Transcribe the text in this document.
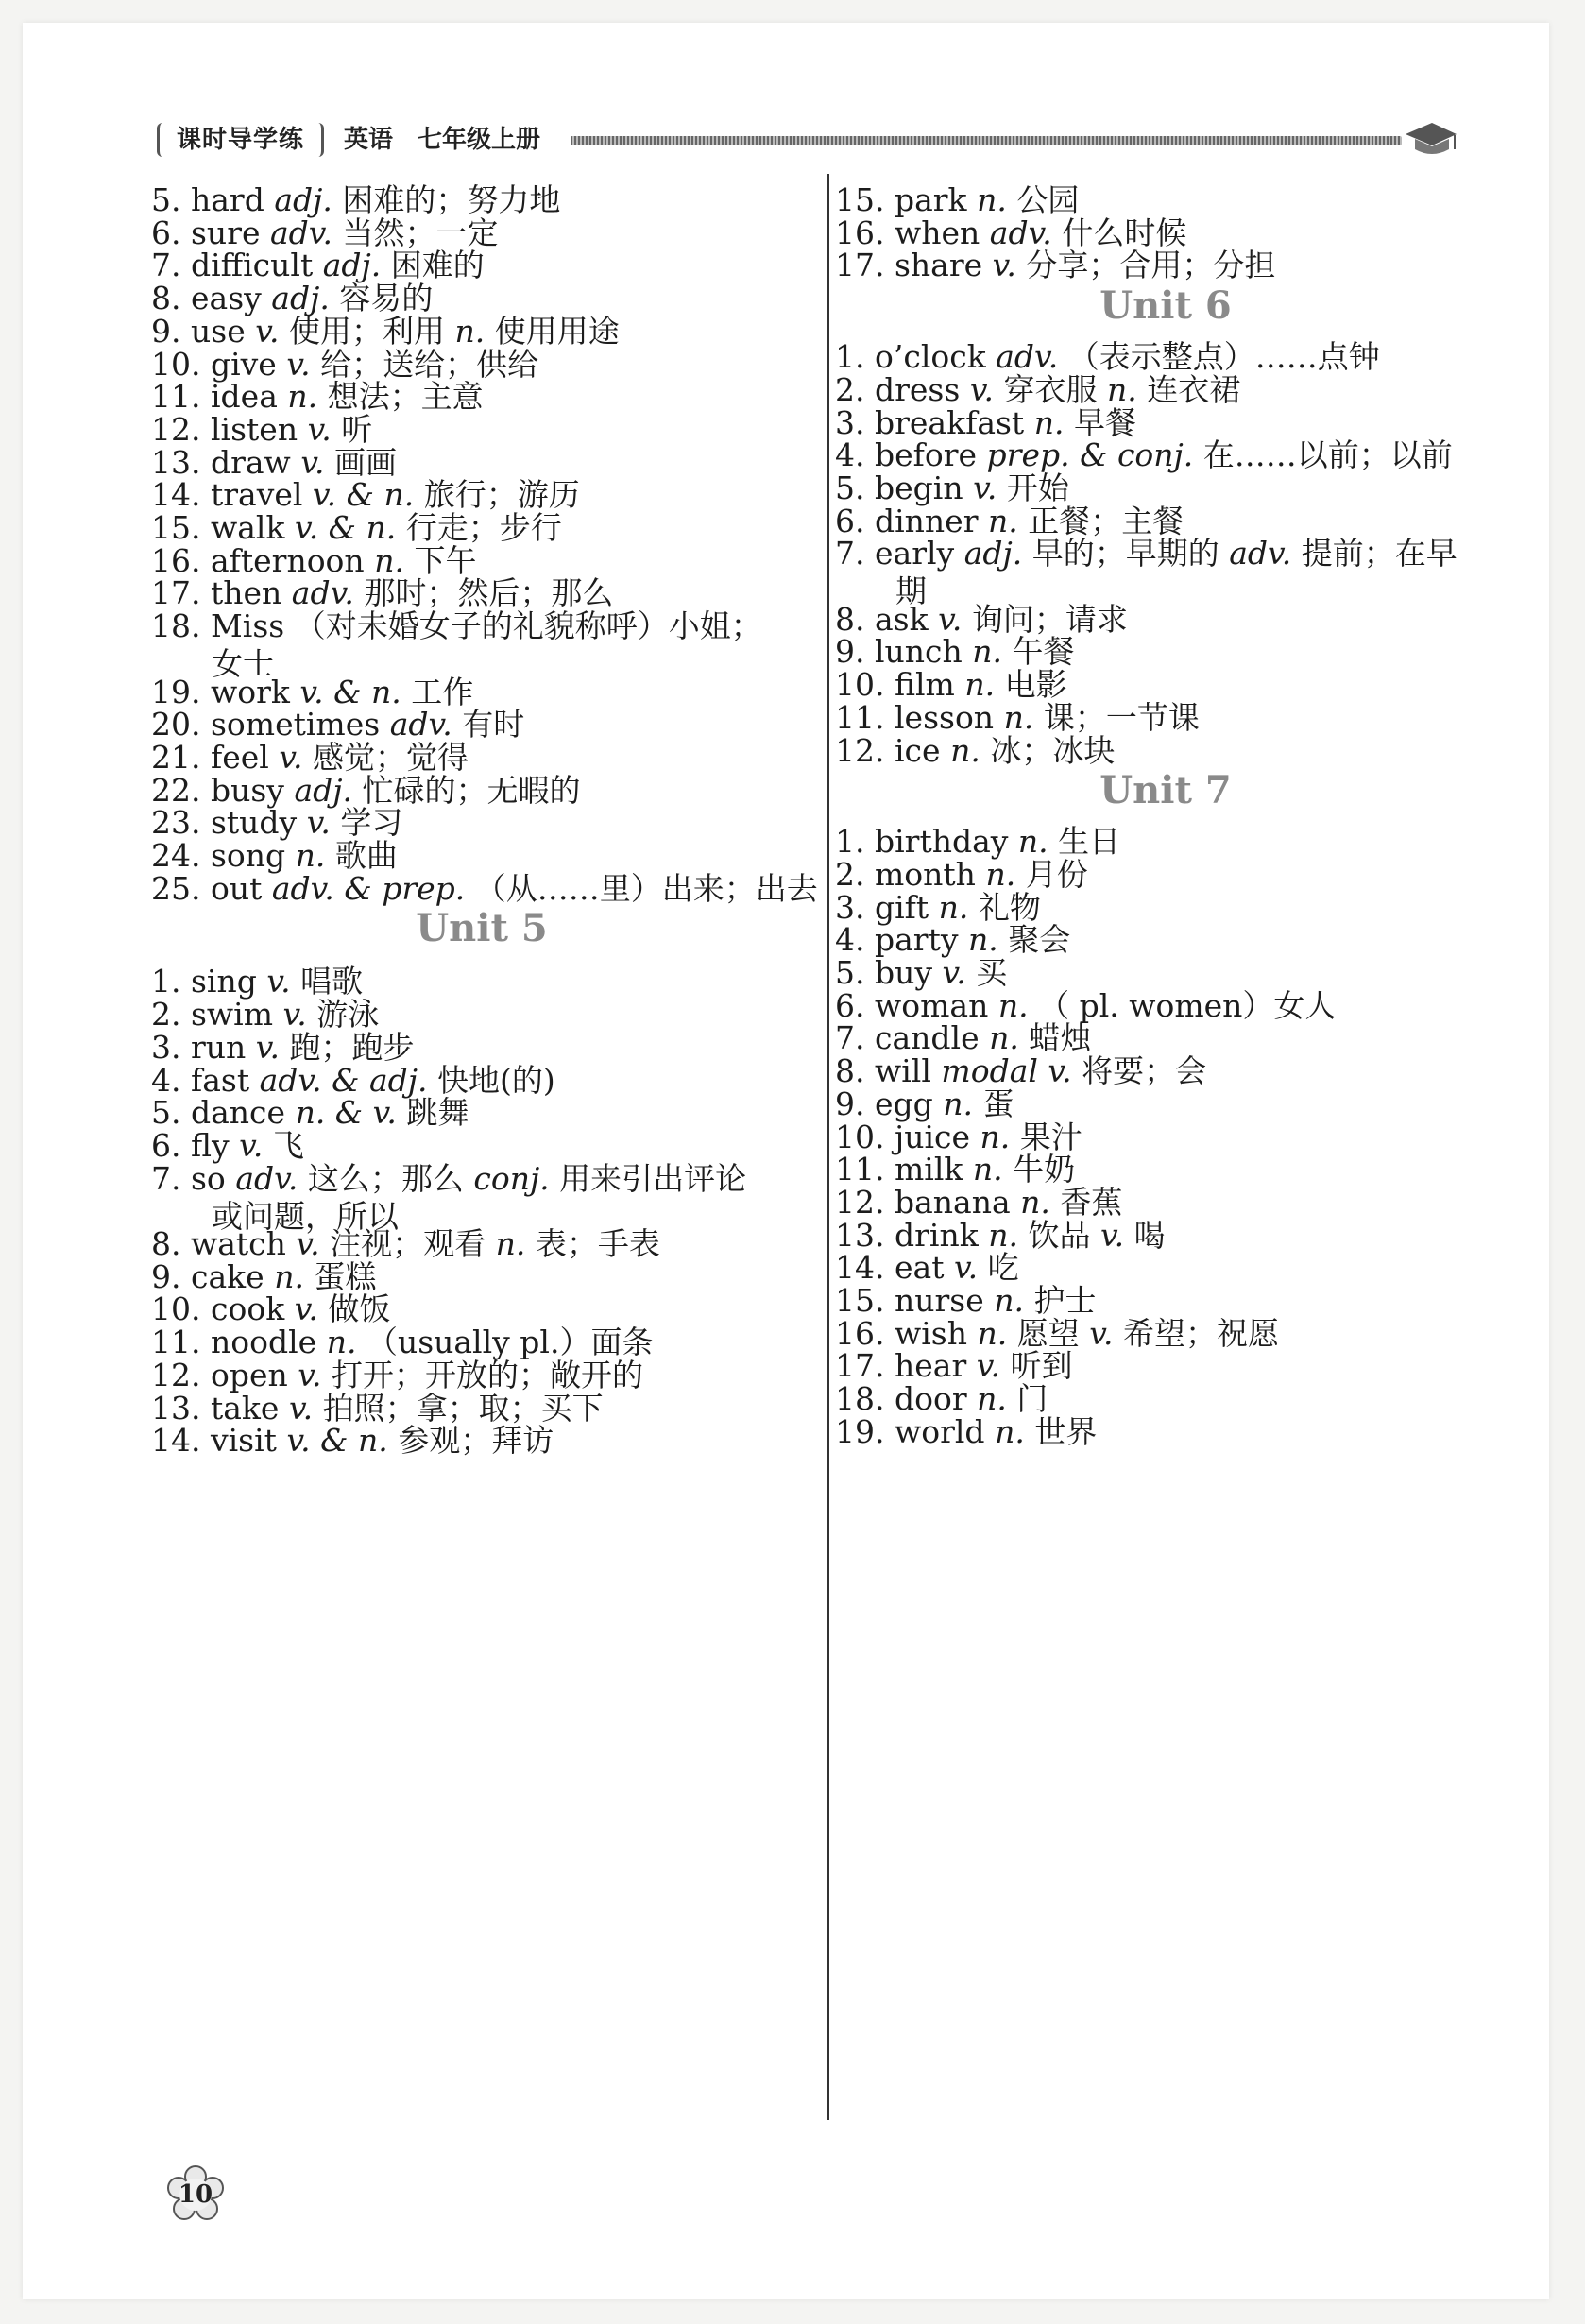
课时导学练	英语　七年级上册
5. hard adj. 困难的；努力地
6. sure adv. 当然；一定
7. difficult adj. 困难的
8. easy adj. 容易的
9. use v. 使用；利用 n. 使用用途
10. give v. 给；送给；供给
11. idea n. 想法；主意
12. listen v. 听
13. draw v. 画画
14. travel v. & n. 旅行；游历
15. walk v. & n. 行走；步行
16. afternoon n. 下午
17. then adv. 那时；然后；那么
18. Miss （对未婚女子的礼貌称呼）小姐；
女士
19. work v. & n. 工作
20. sometimes adv. 有时
21. feel v. 感觉；觉得
22. busy adj. 忙碌的；无暇的
23. study v. 学习
24. song n. 歌曲
25. out adv. & prep. （从……里）出来；出去
Unit 5
1. sing v. 唱歌
2. swim v. 游泳
3. run v. 跑；跑步
4. fast adv. & adj. 快地(的)
5. dance n. & v. 跳舞
6. fly v. 飞
7. so adv. 这么；那么 conj. 用来引出评论
或问题，所以
8. watch v. 注视；观看 n. 表；手表
9. cake n. 蛋糕
10. cook v. 做饭
11. noodle n. （usually pl.）面条
12. open v. 打开；开放的；敞开的
13. take v. 拍照；拿；取；买下
14. visit v. & n. 参观；拜访
15. park n. 公园
16. when adv. 什么时候
17. share v. 分享；合用；分担
Unit 6
1. o’clock adv. （表示整点）……点钟
2. dress v. 穿衣服 n. 连衣裙
3. breakfast n. 早餐
4. before prep. & conj. 在……以前；以前
5. begin v. 开始
6. dinner n. 正餐；主餐
7. early adj. 早的；早期的 adv. 提前；在早
期
8. ask v. 询问；请求
9. lunch n. 午餐
10. film n. 电影
11. lesson n. 课；一节课
12. ice n. 冰；冰块
Unit 7
1. birthday n. 生日
2. month n. 月份
3. gift n. 礼物
4. party n. 聚会
5. buy v. 买
6. woman n. （ pl. women）女人
7. candle n. 蜡烛
8. will modal v. 将要；会
9. egg n. 蛋
10. juice n. 果汁
11. milk n. 牛奶
12. banana n. 香蕉
13. drink n. 饮品 v. 喝
14. eat v. 吃
15. nurse n. 护士
16. wish n. 愿望 v. 希望；祝愿
17. hear v. 听到
18. door n. 门
19. world n. 世界
10
